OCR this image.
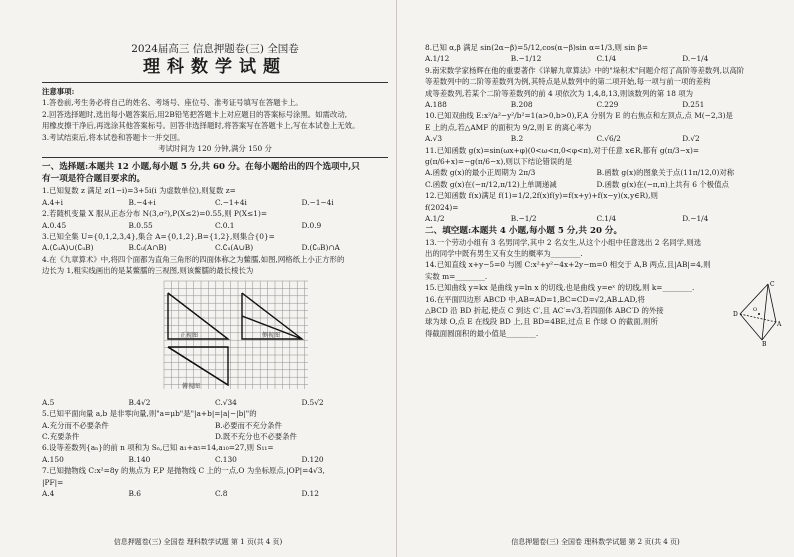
2024届高三 信息押题卷(三) 全国卷
理科数学试题
注意事项:
1.答卷前,考生务必将自己的姓名、考场号、座位号、准考证号填写在答题卡上。
2.回答选择题时,选出每小题答案后,用2B铅笔把答题卡上对应题目的答案标号涂黑。如需改动,
用橡皮擦干净后,再选涂其他答案标号。回答非选择题时,将答案写在答题卡上,写在本试卷上无效。
3.考试结束后,将本试卷和答题卡一并交回。
考试时间为 120 分钟,满分 150 分
一、选择题:本题共 12 小题,每小题 5 分,共 60 分。在每小题给出的四个选项中,只
有一项是符合题目要求的。
1.已知复数 z 满足 z(1−i)=3+5i(i 为虚数单位),则复数 z=
A.4+i	B.−4+i	C.−1+4i	D.−1−4i
2.若随机变量 X 服从正态分布 N(3,σ²),P(X≤2)=0.55,则 P(X≤1)=
A.0.45	B.0.55	C.0.1	D.0.9
3.已知全集 U={0,1,2,3,4},集合 A={0,1,2},B={1,2},则集合{0}=
A.(∁ᵤA)∪(∁ᵤB)	B.∁ᵤ(A∩B)	C.∁ᵤ(A∪B)	D.(∁ᵤB)∩A
4.在《九章算术》中,将四个面都为直角三角形的四面体称之为鳖臑,如图,网格纸上小正方形的
边长为 1,粗实线画出的是某鳖臑的三视图,则该鳖臑的最长棱长为
正视图	侧视图
俯视图
A.5	B.4√2	C.√34	D.5√2
5.已知平面向量 a,b 是非零向量,则"a=μb"是"|a+b|=|a|−|b|"的
A.充分而不必要条件	B.必要而不充分条件
C.充要条件	D.既不充分也不必要条件
6.设等差数列{aₙ}的前 n 项和为 Sₙ,已知 a₁+a₅=14,a₁₀=27,则 S₁₁=
A.150	B.140	C.130	D.120
7.已知抛物线 C:x²=8y 的焦点为 F,P 是抛物线 C 上的一点,O 为坐标原点,|OP|=4√3,
|PF|=
A.4	B.6	C.8	D.12
信息押题卷(三) 全国卷 理科数学试题 第 1 页(共 4 页)
8.已知 α,β 满足 sin(2α−β)=5/12,cos(α−β)sin α=1/3,则 sin β=
A.1/12	B.−1/12	C.1/4	D.−1/4
9.南宋数学家杨辉在他的重要著作《详解九章算法》中的"垛积术"问题介绍了高阶等差数列,以高阶
等差数列中的二阶等差数列为例,其特点是从数列中的第二项开始,每一项与前一项的差构
成等差数列,若某个二阶等差数列的前 4 项依次为 1,4,8,13,则该数列的第 18 项为
A.188	B.208	C.229	D.251
10.已知双曲线 E:x²/a²−y²/b²=1(a>0,b>0),F,A 分别为 E 的右焦点和左顶点,点 M(−2,3)是
E 上的点,若△AMF 的面积为 9/2,则 E 的离心率为
A.√3	B.2	C.√6/2	D.√2
11.已知函数 g(x)=sin(ωx+φ)(0<ω<π,0<φ<π),对于任意 x∈R,都有 g(π/3−x)=
g(π/6+x)=−g(π/6−x),则以下结论错误的是
A.函数 g(x)的最小正周期为 2π/3	B.函数 g(x)的图象关于点(11π/12,0)对称
C.函数 g(x)在(−π/12,π/12)上单调递减	D.函数 g(x)在(−π,π)上共有 6 个极值点
12.已知函数 f(x)满足 f(1)=1/2,2f(x)f(y)=f(x+y)+f(x−y)(x,y∈R),则
f(2024)=
A.1/2	B.−1/2	C.1/4	D.−1/4
二、填空题:本题共 4 小题,每小题 5 分,共 20 分。
13.一个劳动小组有 3 名男同学,其中 2 名女生,从这个小组中任意选出 2 名同学,则选
出的同学中既有男生又有女生的概率为________.
14.已知直线 x+y−5=0 与圆 C:x²+y²−4x+2y−m=0 相交于 A,B 两点,且|AB|=4,则
实数 m=________.
15.已知曲线 y=kx 是曲线 y=ln x 的切线,也是曲线 y=eˣ 的切线,则 k=________.
16.在平面四边形 ABCD 中,AB=AD=1,BC=CD=√2,AB⊥AD,将
△BCD 沿 BD 折起,使点 C 到达 C′,且 AC′=√3,若四面体 ABC′D 的外接
球为球 O,点 E 在线段 BD 上,且 BD=4BE,过点 E 作球 O 的截面,则所
得截面圆面积的最小值是________.
C
D
A
B
O
信息押题卷(三) 全国卷 理科数学试题 第 2 页(共 4 页)
